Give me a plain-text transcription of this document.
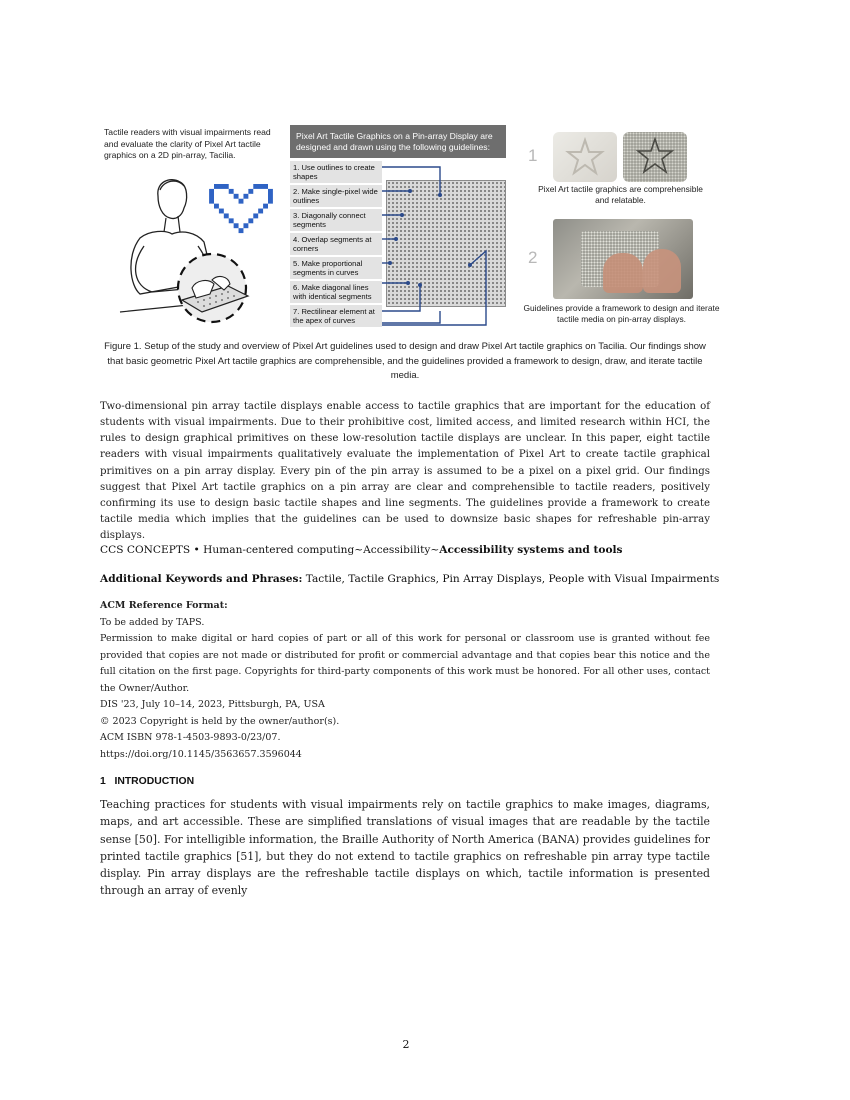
Tactile readers with visual impairments read and evaluate the clarity of Pixel Art tactile graphics on a 2D pin-array, Tacilia.
Pixel Art Tactile Graphics on a Pin-array Display are designed and drawn using the following guidelines:
1. Use outlines to create shapes
2. Make single-pixel wide outlines
3. Diagonally connect segments
4. Overlap segments at corners
5. Make proportional segments in curves
6. Make diagonal lines with identical segments
7. Rectilinear element at the apex of curves
1
Pixel Art tactile graphics are comprehensible and relatable.
2
Guidelines provide a framework to design and iterate tactile media on pin-array displays.
Figure 1. Setup of the study and overview of Pixel Art guidelines used to design and draw Pixel Art tactile graphics on Tacilia. Our findings show that basic geometric Pixel Art tactile graphics are comprehensible, and the guidelines provided a framework to design, draw, and iterate tactile media.
Two-dimensional pin array tactile displays enable access to tactile graphics that are important for the education of students with visual impairments. Due to their prohibitive cost, limited access, and limited research within HCI, the rules to design graphical primitives on these low-resolution tactile displays are unclear. In this paper, eight tactile readers with visual impairments qualitatively evaluate the implementation of Pixel Art to create tactile graphical primitives on a pin array display. Every pin of the pin array is assumed to be a pixel on a pixel grid. Our findings suggest that Pixel Art tactile graphics on a pin array are clear and comprehensible to tactile readers, positively confirming its use to design basic tactile shapes and line segments. The guidelines provide a framework to create tactile media which implies that the guidelines can be used to downsize basic shapes for refreshable pin-array displays.
CCS CONCEPTS • Human-centered computing~Accessibility~Accessibility systems and tools
Additional Keywords and Phrases: Tactile, Tactile Graphics, Pin Array Displays, People with Visual Impairments
ACM Reference Format:
To be added by TAPS.
Permission to make digital or hard copies of part or all of this work for personal or classroom use is granted without fee provided that copies are not made or distributed for profit or commercial advantage and that copies bear this notice and the full citation on the first page. Copyrights for third-party components of this work must be honored. For all other uses, contact the Owner/Author.
DIS '23, July 10–14, 2023, Pittsburgh, PA, USA
© 2023 Copyright is held by the owner/author(s).
ACM ISBN 978-1-4503-9893-0/23/07.
https://doi.org/10.1145/3563657.3596044
1   INTRODUCTION
Teaching practices for students with visual impairments rely on tactile graphics to make images, diagrams, maps, and art accessible. These are simplified translations of visual images that are readable by the tactile sense [50]. For intelligible information, the Braille Authority of North America (BANA) provides guidelines for printed tactile graphics [51], but they do not extend to tactile graphics on refreshable pin array type tactile display. Pin array displays are the refreshable tactile displays on which, tactile information is presented through an array of evenly
2
